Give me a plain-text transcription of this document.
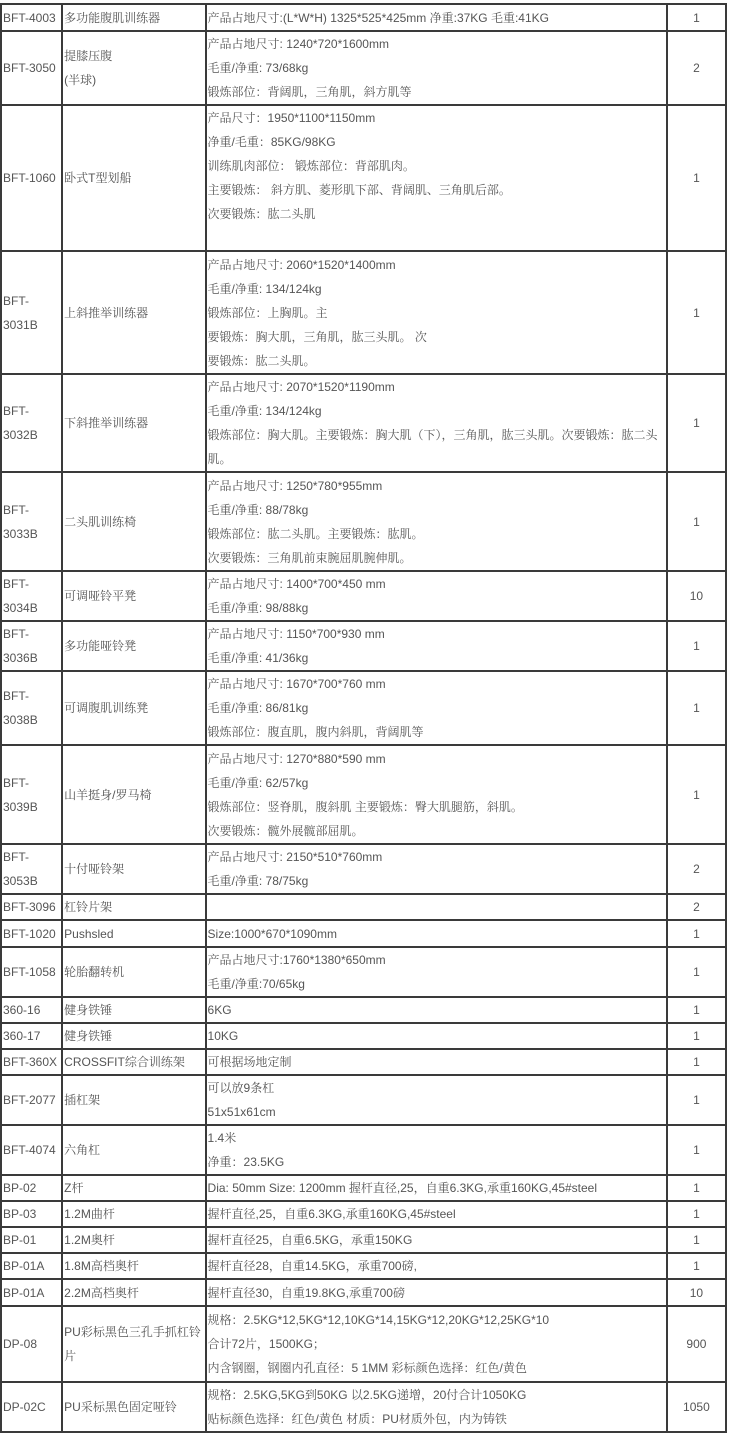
BFT-4003	多功能腹肌训练器	产品占地尺寸:(L*W*H) 1325*525*425mm 净重:37KG 毛重:41KG	1

BFT-3050	提膝压腹
(半球)	产品占地尺寸: 1240*720*1600mm
毛重/净重: 73/68kg
锻炼部位：背阔肌，三角肌，斜方肌等	2

BFT-1060	卧式T型划船	产品尺寸：1950*1100*1150mm
净重/毛重：85KG/98KG
训练肌肉部位： 锻炼部位：背部肌肉。
主要锻炼： 斜方肌、菱形肌下部、背阔肌、三角肌后部。
次要锻炼：肱二头肌	1

BFT-
3031B	上斜推举训练器	产品占地尺寸: 2060*1520*1400mm
毛重/净重: 134/124kg
锻炼部位：上胸肌。主
要锻炼：胸大肌，三角肌，肱三头肌。 次
要锻炼：肱二头肌。	1

BFT-
3032B	下斜推举训练器	产品占地尺寸: 2070*1520*1190mm
毛重/净重: 134/124kg
锻炼部位：胸大肌。主要锻炼：胸大肌（下），三角肌，肱三头肌。次要锻炼：肱二头
肌。	1

BFT-
3033B	二头肌训练椅	产品占地尺寸: 1250*780*955mm
毛重/净重: 88/78kg
锻炼部位：肱二头肌。主要锻炼：肱肌。
次要锻炼：三角肌前束腕屈肌腕伸肌。	1

BFT-
3034B	可调哑铃平凳	产品占地尺寸: 1400*700*450 mm
毛重/净重: 98/88kg	10

BFT-
3036B	多功能哑铃凳	产品占地尺寸: 1150*700*930 mm
毛重/净重: 41/36kg	1

BFT-
3038B	可调腹肌训练凳	产品占地尺寸: 1670*700*760 mm
毛重/净重: 86/81kg
锻炼部位：腹直肌，腹内斜肌，背阔肌等	1

BFT-
3039B	山羊挺身/罗马椅	产品占地尺寸: 1270*880*590 mm
毛重/净重: 62/57kg
锻炼部位：竖脊肌，腹斜肌 主要锻炼：臀大肌腿筋，斜肌。
次要锻炼：髋外展髋部屈肌。	1

BFT-
3053B	十付哑铃架	产品占地尺寸: 2150*510*760mm
毛重/净重: 78/75kg	2

BFT-3096	杠铃片架		2

BFT-1020	Pushsled	Size:1000*670*1090mm	1

BFT-1058	轮胎翻转机	产品占地尺寸:1760*1380*650mm
毛重/净重:70/65kg	1

360-16	健身铁锤	6KG	1

360-17	健身铁锤	10KG	1

BFT-360X	CROSSFIT综合训练架	可根据场地定制	1

BFT-2077	插杠架	可以放9条杠
51x51x61cm	1

BFT-4074	六角杠	1.4米
净重：23.5KG	1

BP-02	Z杆	Dia: 50mm Size: 1200mm 握杆直径,25，自重6.3KG,承重160KG,45#steel	1

BP-03	1.2M曲杆	握杆直径,25，自重6.3KG,承重160KG,45#steel	1

BP-01	1.2M奥杆	握杆直径25，自重6.5KG，承重150KG	1

BP-01A	1.8M高档奥杆	握杆直径28，自重14.5KG，承重700磅,	1

BP-01A	2.2M高档奥杆	握杆直径30，自重19.8KG,承重700磅	10

DP-08	PU彩标黑色三孔手抓杠铃
片	规格：2.5KG*12,5KG*12,10KG*14,15KG*12,20KG*12,25KG*10
合计72片，1500KG；
内含钢圈，钢圈内孔直径：5 1MM 彩标颜色选择：红色/黄色	900

DP-02C	PU采标黑色固定哑铃	规格：2.5KG,5KG到50KG 以2.5KG递增，20付合计1050KG
贴标颜色选择：红色/黄色 材质：PU材质外包，内为铸铁	1050
